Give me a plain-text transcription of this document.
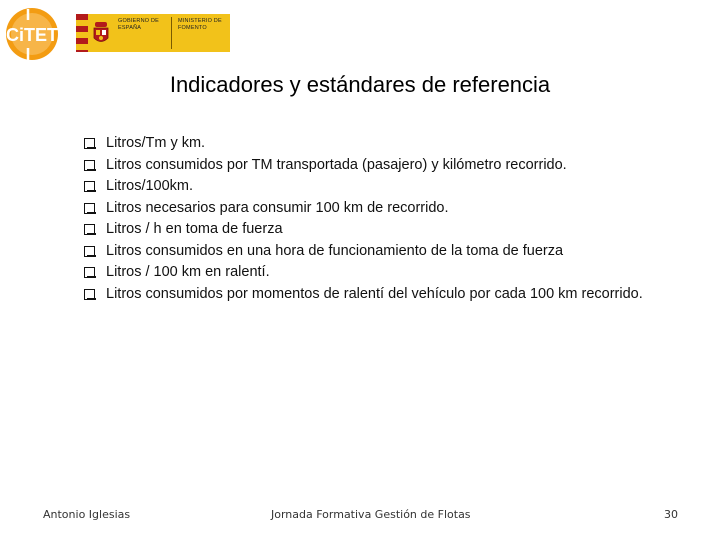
CiTET
GOBIERNO DE ESPAÑA
MINISTERIO DE FOMENTO
Indicadores y estándares de referencia
Litros/Tm y km.
Litros consumidos por TM transportada (pasajero) y kilómetro recorrido.
Litros/100km.
Litros necesarios para consumir 100 km de recorrido.
Litros / h en toma de fuerza
Litros consumidos en una hora de funcionamiento de la toma de fuerza
Litros / 100 km en ralentí.
Litros consumidos por momentos de ralentí del vehículo por cada 100 km recorrido.
Antonio Iglesias	Jornada Formativa Gestión de Flotas	30
